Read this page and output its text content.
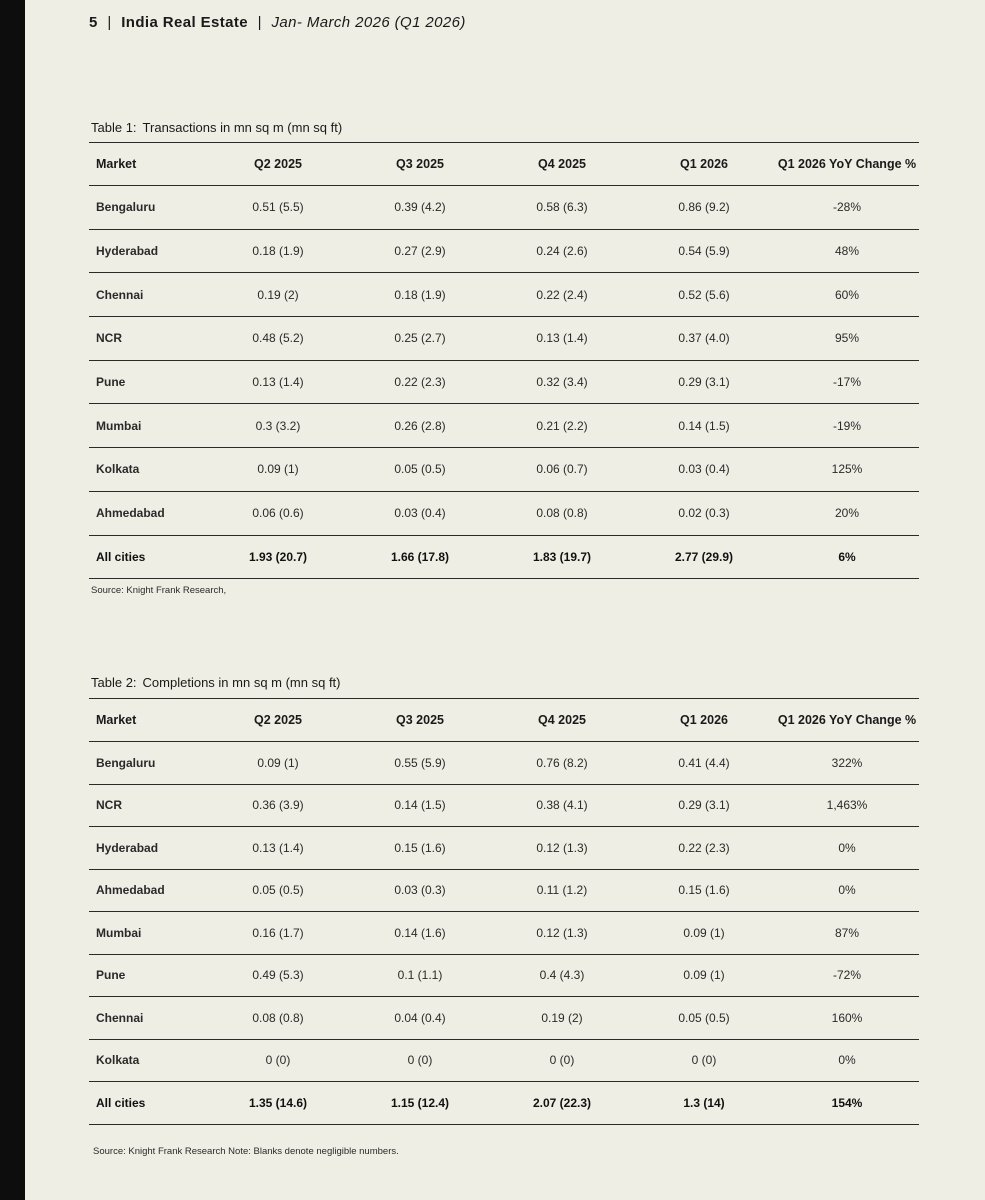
5 | India Real Estate | Jan- March 2026 (Q1 2026)
Table 1: Transactions in mn sq m (mn sq ft)
Market	Q2 2025	Q3 2025	Q4 2025	Q1 2026	Q1 2026 YoY Change %
Bengaluru	0.51 (5.5)	0.39 (4.2)	0.58 (6.3)	0.86 (9.2)	-28%
Hyderabad	0.18 (1.9)	0.27 (2.9)	0.24 (2.6)	0.54 (5.9)	48%
Chennai	0.19 (2)	0.18 (1.9)	0.22 (2.4)	0.52 (5.6)	60%
NCR	0.48 (5.2)	0.25 (2.7)	0.13 (1.4)	0.37 (4.0)	95%
Pune	0.13 (1.4)	0.22 (2.3)	0.32 (3.4)	0.29 (3.1)	-17%
Mumbai	0.3 (3.2)	0.26 (2.8)	0.21 (2.2)	0.14 (1.5)	-19%
Kolkata	0.09 (1)	0.05 (0.5)	0.06 (0.7)	0.03 (0.4)	125%
Ahmedabad	0.06 (0.6)	0.03 (0.4)	0.08 (0.8)	0.02 (0.3)	20%
All cities	1.93 (20.7)	1.66 (17.8)	1.83 (19.7)	2.77 (29.9)	6%
Source: Knight Frank Research,
Table 2: Completions in mn sq m (mn sq ft)
Market	Q2 2025	Q3 2025	Q4 2025	Q1 2026	Q1 2026 YoY Change %
Bengaluru	0.09 (1)	0.55 (5.9)	0.76 (8.2)	0.41 (4.4)	322%
NCR	0.36 (3.9)	0.14 (1.5)	0.38 (4.1)	0.29 (3.1)	1,463%
Hyderabad	0.13 (1.4)	0.15 (1.6)	0.12 (1.3)	0.22 (2.3)	0%
Ahmedabad	0.05 (0.5)	0.03 (0.3)	0.11 (1.2)	0.15 (1.6)	0%
Mumbai	0.16 (1.7)	0.14 (1.6)	0.12 (1.3)	0.09 (1)	87%
Pune	0.49 (5.3)	0.1 (1.1)	0.4 (4.3)	0.09 (1)	-72%
Chennai	0.08 (0.8)	0.04 (0.4)	0.19 (2)	0.05 (0.5)	160%
Kolkata	0 (0)	0 (0)	0 (0)	0 (0)	0%
All cities	1.35 (14.6)	1.15 (12.4)	2.07 (22.3)	1.3 (14)	154%
Source: Knight Frank Research Note: Blanks denote negligible numbers.
